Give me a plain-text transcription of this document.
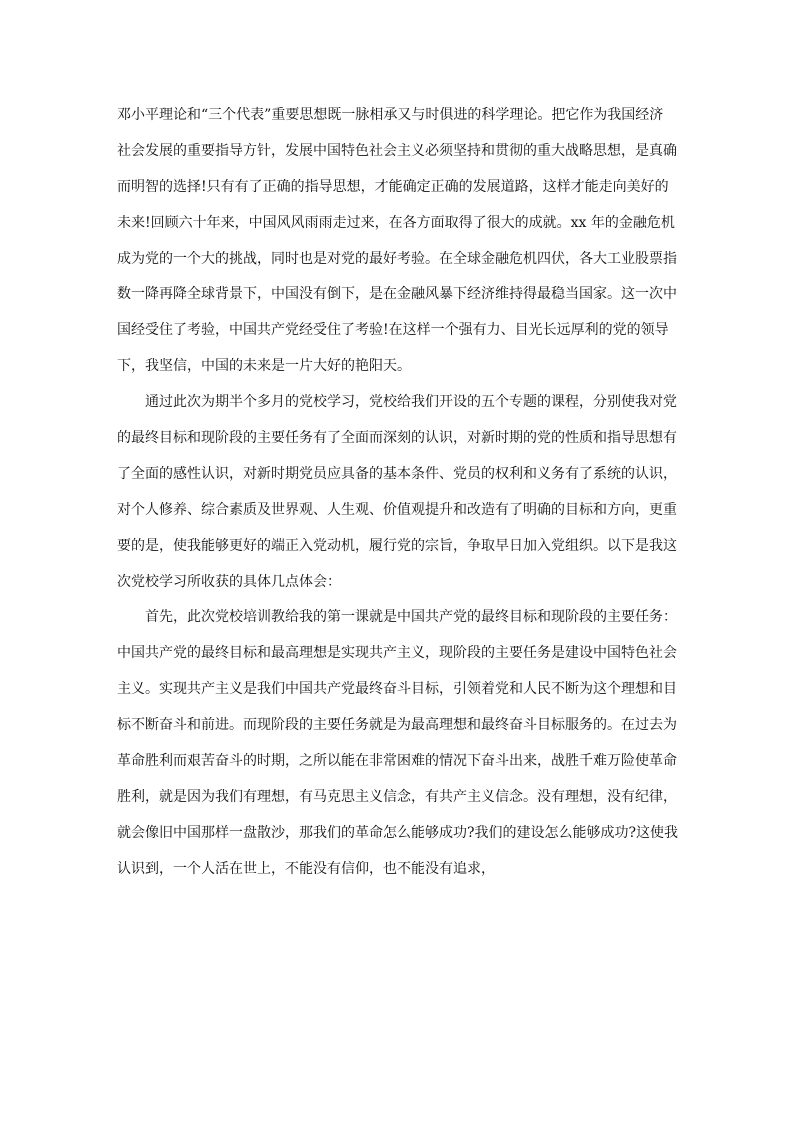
邓小平理论和“三个代表”重要思想既一脉相承又与时俱进的科学理论。把它作为我国经济
社会发展的重要指导方针，发展中国特色社会主义必须坚持和贯彻的重大战略思想，是真确
而明智的选择!只有有了正确的指导思想，才能确定正确的发展道路，这样才能走向美好的
未来!回顾六十年来，中国风风雨雨走过来，在各方面取得了很大的成就。xx 年的金融危机
成为党的一个大的挑战，同时也是对党的最好考验。在全球金融危机四伏，各大工业股票指
数一降再降全球背景下，中国没有倒下，是在金融风暴下经济维持得最稳当国家。这一次中
国经受住了考验，中国共产党经受住了考验!在这样一个强有力、目光长远厚利的党的领导
下，我坚信，中国的未来是一片大好的艳阳天。
　　通过此次为期半个多月的党校学习，党校给我们开设的五个专题的课程，分别使我对党
的最终目标和现阶段的主要任务有了全面而深刻的认识，对新时期的党的性质和指导思想有
了全面的感性认识，对新时期党员应具备的基本条件、党员的权利和义务有了系统的认识，
对个人修养、综合素质及世界观、人生观、价值观提升和改造有了明确的目标和方向，更重
要的是，使我能够更好的端正入党动机，履行党的宗旨，争取早日加入党组织。以下是我这
次党校学习所收获的具体几点体会：
　　首先，此次党校培训教给我的第一课就是中国共产党的最终目标和现阶段的主要任务：
中国共产党的最终目标和最高理想是实现共产主义，现阶段的主要任务是建设中国特色社会
主义。实现共产主义是我们中国共产党最终奋斗目标，引领着党和人民不断为这个理想和目
标不断奋斗和前进。而现阶段的主要任务就是为最高理想和最终奋斗目标服务的。在过去为
革命胜利而艰苦奋斗的时期，之所以能在非常困难的情况下奋斗出来，战胜千难万险使革命
胜利，就是因为我们有理想，有马克思主义信念，有共产主义信念。没有理想，没有纪律，
就会像旧中国那样一盘散沙，那我们的革命怎么能够成功?我们的建设怎么能够成功?这使我
认识到，一个人活在世上，不能没有信仰，也不能没有追求，
